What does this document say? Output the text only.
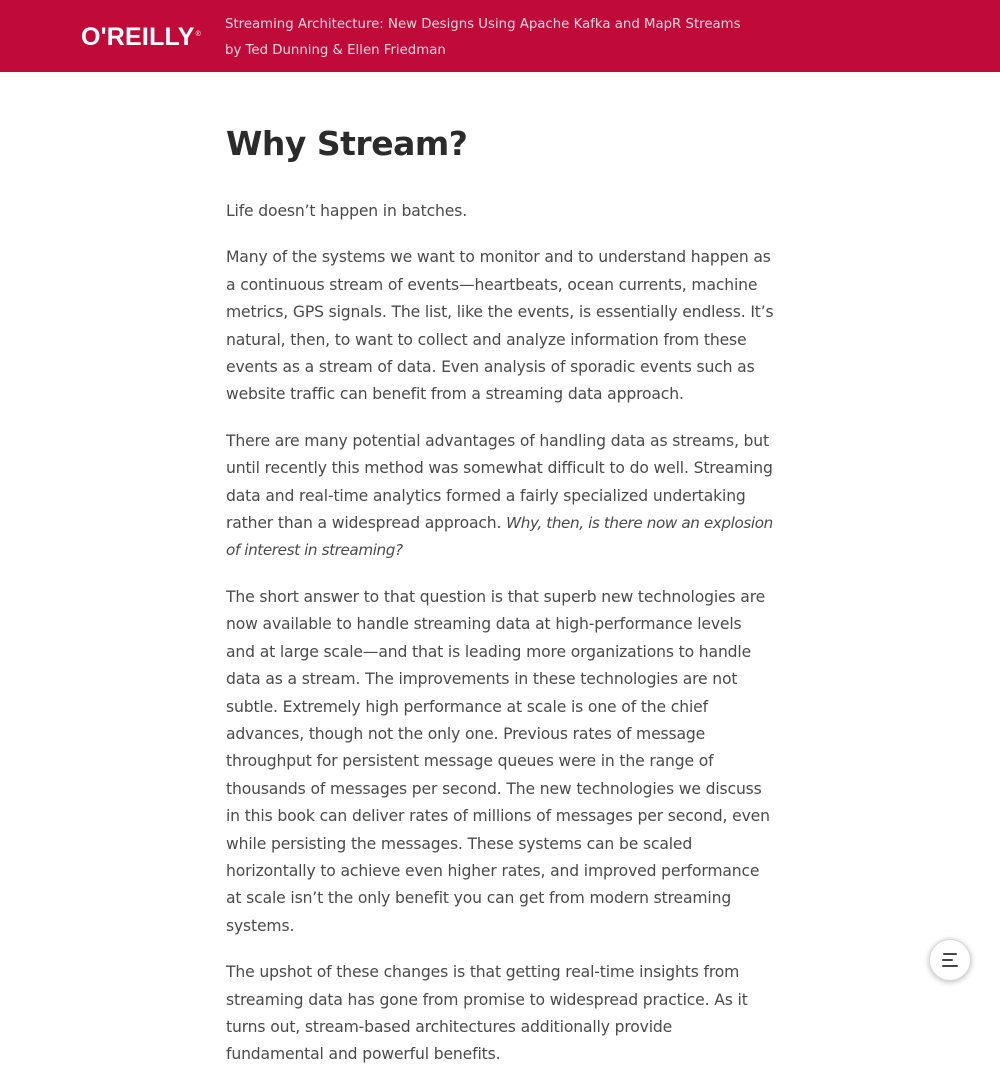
O'REILLY®
Streaming Architecture: New Designs Using Apache Kafka and MapR Streams
by Ted Dunning & Ellen Friedman
Why Stream?

Life doesn’t happen in batches.

Many of the systems we want to monitor and to understand happen as a continuous stream of events—heartbeats, ocean currents, machine metrics, GPS signals. The list, like the events, is essentially endless. It’s natural, then, to want to collect and analyze information from these events as a stream of data. Even analysis of sporadic events such as website traffic can benefit from a streaming data approach.

There are many potential advantages of handling data as streams, but until recently this method was somewhat difficult to do well. Streaming data and real-time analytics formed a fairly specialized undertaking rather than a widespread approach. Why, then, is there now an explosion of interest in streaming?

The short answer to that question is that superb new technologies are now available to handle streaming data at high-performance levels and at large scale—and that is leading more organizations to handle data as a stream. The improvements in these technologies are not subtle. Extremely high performance at scale is one of the chief advances, though not the only one. Previous rates of message throughput for persistent message queues were in the range of thousands of messages per second. The new technologies we discuss in this book can deliver rates of millions of messages per second, even while persisting the messages. These systems can be scaled horizontally to achieve even higher rates, and improved performance at scale isn’t the only benefit you can get from modern streaming systems.

The upshot of these changes is that getting real-time insights from streaming data has gone from promise to widespread practice. As it turns out, stream-based architectures additionally provide fundamental and powerful benefits.
